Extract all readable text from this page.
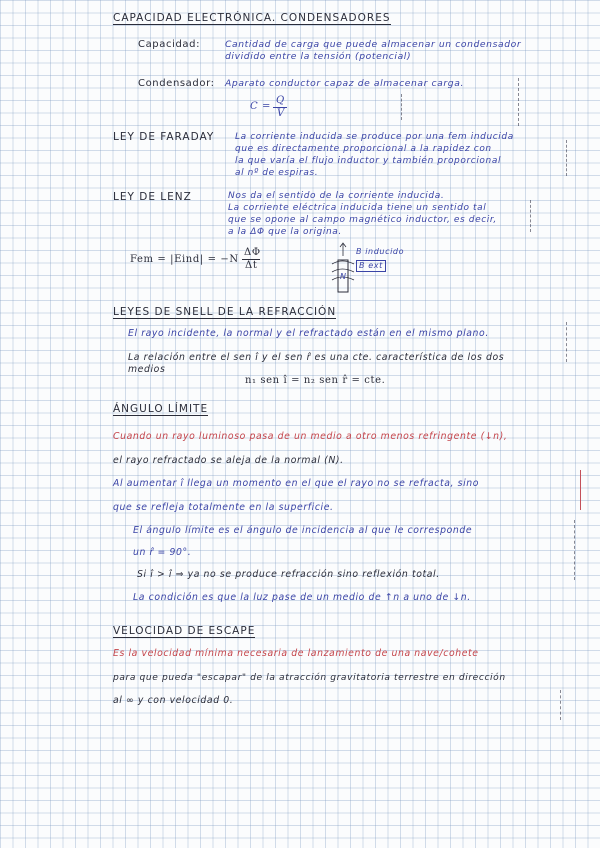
CAPACIDAD ELECTRÓNICA. CONDENSADORES
Capacidad:	Cantidad de carga que puede almacenar un condensador
dividido entre la tensión (potencial)
Condensador: Aparato conductor capaz de almacenar carga.
C =
Q
V
LEY DE FARADAY La corriente inducida se produce por una fem inducida
que es directamente proporcional a la rapidez con
la que varía el flujo inductor y también proporcional
al nº de espiras.
LEY DE LENZ	Nos da el sentido de la corriente inducida.
La corriente eléctrica inducida tiene un sentido tal
que se opone al campo magnético inductor, es decir,
a la ΔΦ que la origina.
Fem = |Eind| = −N
ΔΦ
Δt
B inducido
B ext
N
LEYES DE SNELL DE LA REFRACCIÓN
El rayo incidente, la normal y el refractado están en el mismo plano.
La relación entre el sen î y el sen r̂ es una cte. característica de los dos
medios
n₁ sen î = n₂ sen r̂ = cte.
ÁNGULO LÍMITE
Cuando un rayo luminoso pasa de un medio a otro menos refringente (↓n),
el rayo refractado se aleja de la normal (N).
Al aumentar î llega un momento en el que el rayo no se refracta, sino
que se refleja totalmente en la superficie.
El ángulo límite es el ángulo de incidencia al que le corresponde
un r̂ = 90°.
Si î > î ⇒ ya no se produce refracción sino reflexión total.
La condición es que la luz pase de un medio de ↑n a uno de ↓n.
VELOCIDAD DE ESCAPE
Es la velocidad mínima necesaria de lanzamiento de una nave/cohete
para que pueda "escapar" de la atracción gravitatoria terrestre en dirección
al ∞ y con velocidad 0.
